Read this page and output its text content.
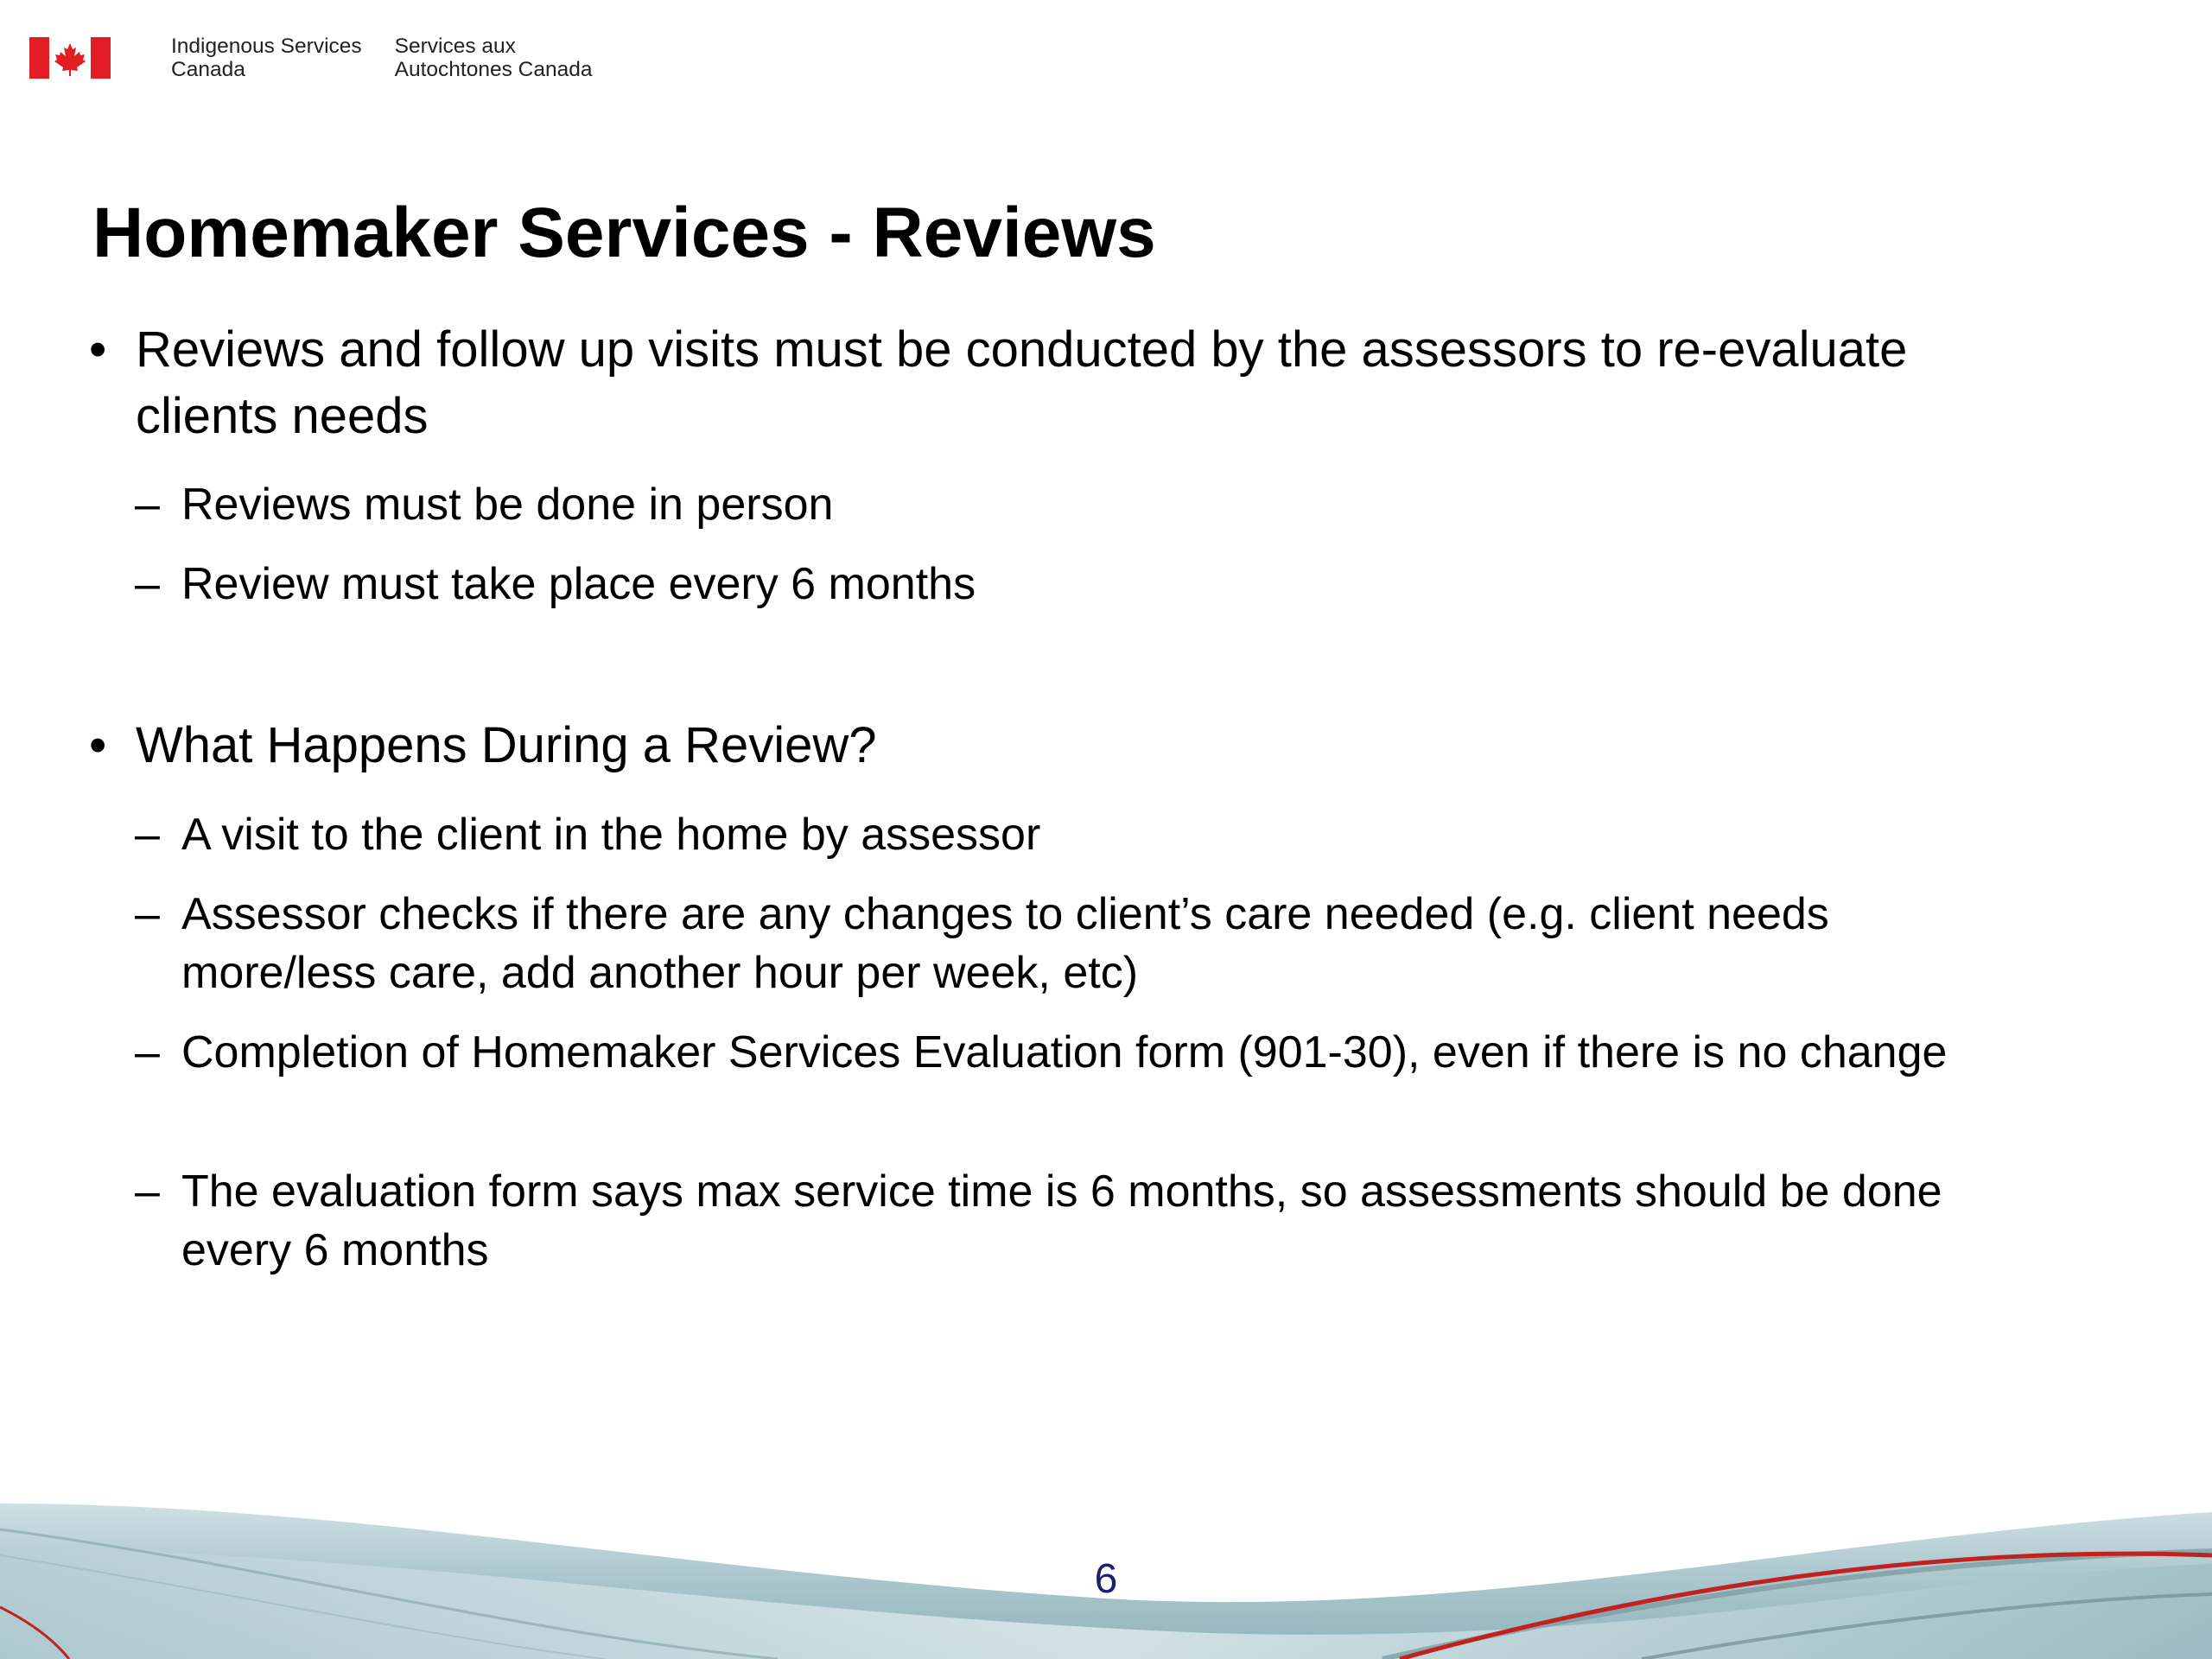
Indigenous Services
Canada
Services aux
Autochtones Canada
Homemaker Services - Reviews
• Reviews and follow up visits must be conducted by the assessors to re-evaluate clients needs
– Reviews must be done in person
– Review must take place every 6 months
• What Happens During a Review?
– A visit to the client in the home by assessor
– Assessor checks if there are any changes to client’s care needed (e.g. client needs more/less care, add another hour per week, etc)
– Completion of Homemaker Services Evaluation form (901-30), even if there is no change
– The evaluation form says max service time is 6 months, so assessments should be done every 6 months
6
